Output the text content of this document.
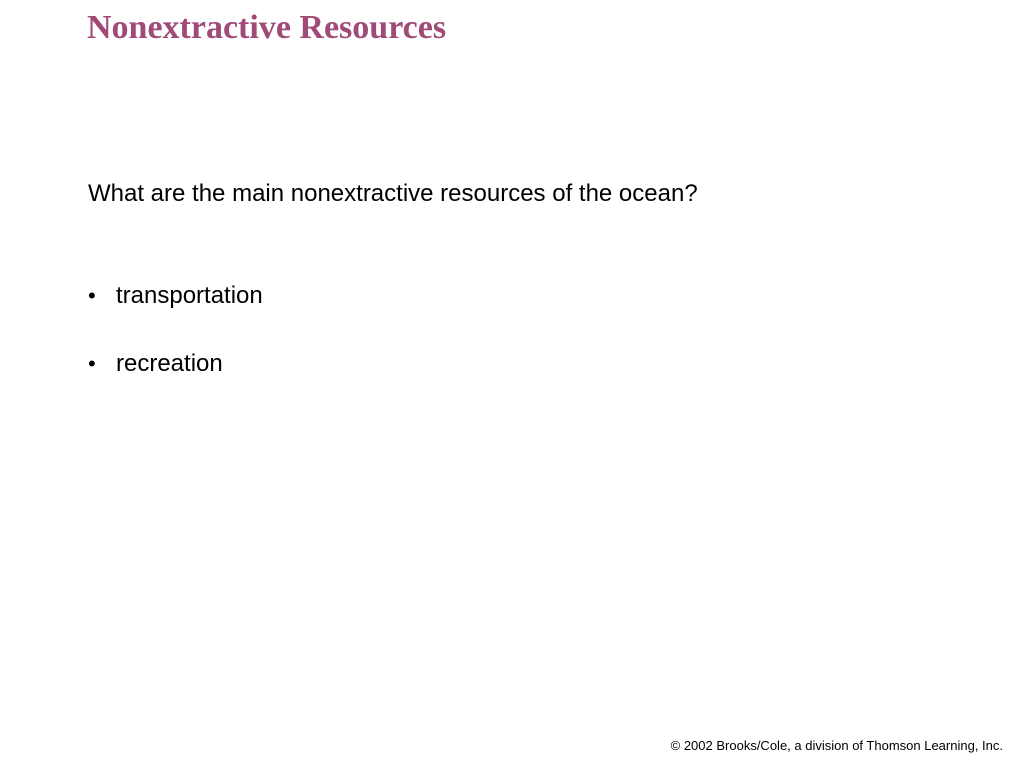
Nonextractive Resources

What are the main nonextractive resources of the ocean?

• transportation
• recreation

© 2002 Brooks/Cole, a division of Thomson Learning, Inc.
